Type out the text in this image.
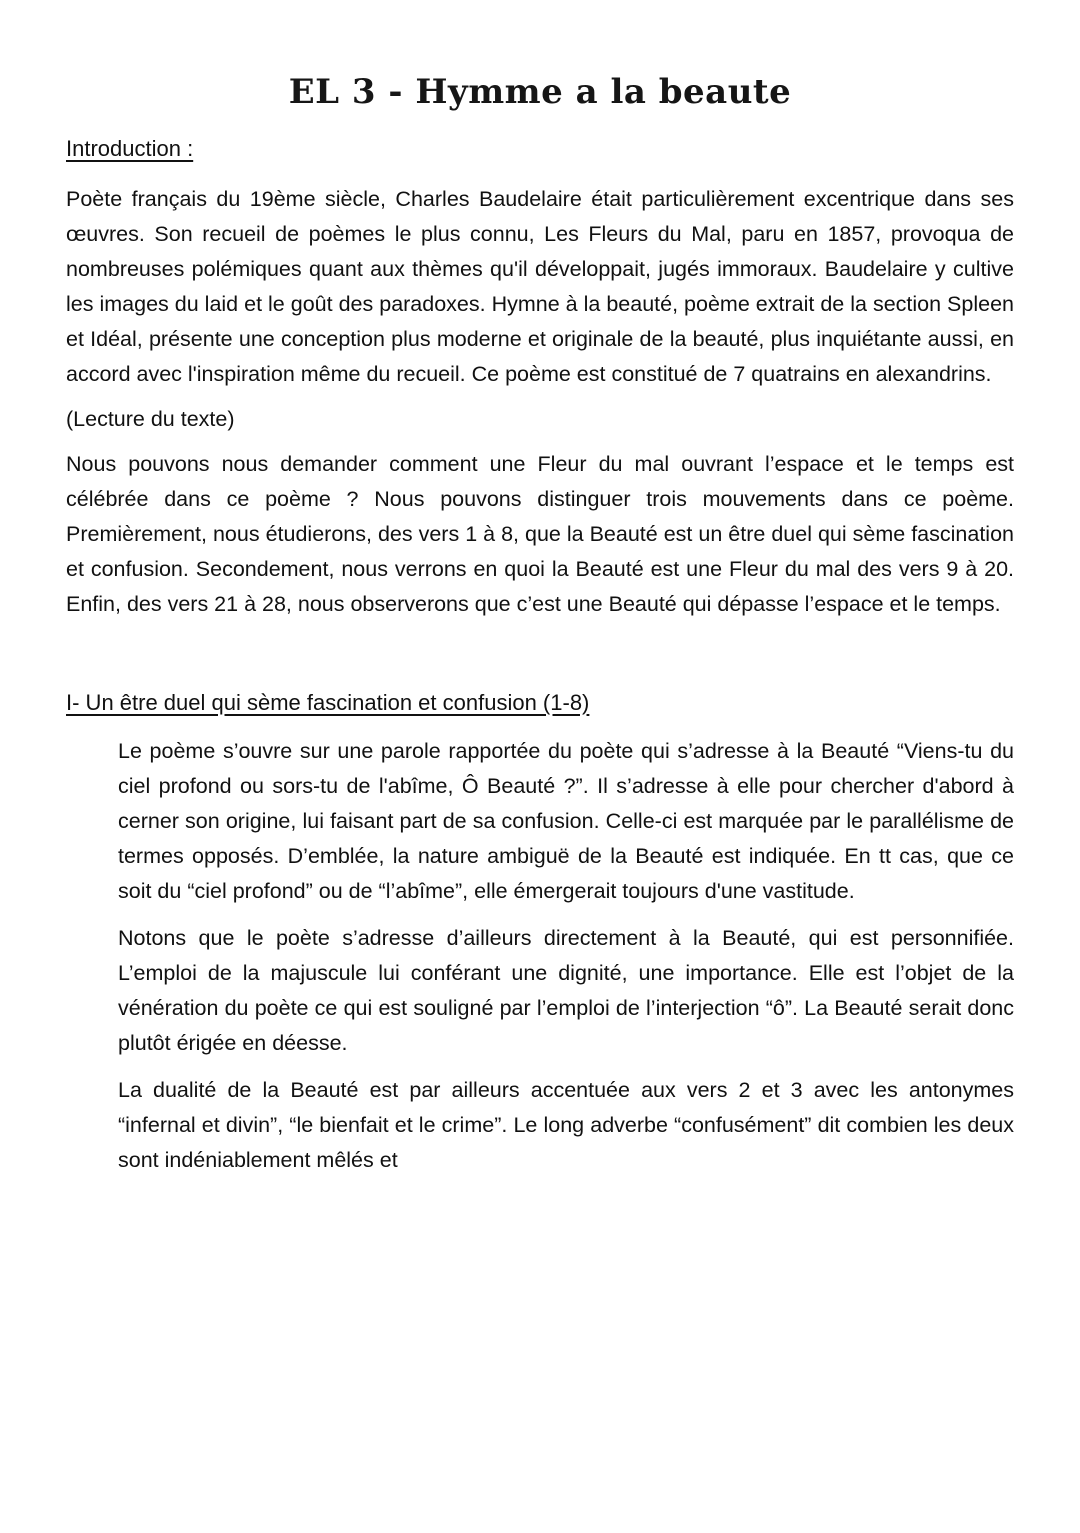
EL 3 - Hymme a la beaute
Introduction :

Poète français du 19ème siècle, Charles Baudelaire était particulièrement excentrique dans ses œuvres. Son recueil de poèmes le plus connu, Les Fleurs du Mal, paru en 1857, provoqua de nombreuses polémiques quant aux thèmes qu'il développait, jugés immoraux. Baudelaire y cultive les images du laid et le goût des paradoxes. Hymne à la beauté, poème extrait de la section Spleen et Idéal, présente une conception plus moderne et originale de la beauté, plus inquiétante aussi, en accord avec l'inspiration même du recueil. Ce poème est constitué de 7 quatrains en alexandrins.

(Lecture du texte)

Nous pouvons nous demander comment une Fleur du mal ouvrant l’espace et le temps est célébrée dans ce poème ? Nous pouvons distinguer trois mouvements dans ce poème. Premièrement, nous étudierons, des vers 1 à 8, que la Beauté est un être duel qui sème fascination et confusion. Secondement, nous verrons en quoi la Beauté est une Fleur du mal des vers 9 à 20. Enfin, des vers 21 à 28, nous observerons que c’est une Beauté qui dépasse l’espace et le temps.

I- Un être duel qui sème fascination et confusion (1-8)

Le poème s’ouvre sur une parole rapportée du poète qui s’adresse à la Beauté “Viens-tu du ciel profond ou sors-tu de l'abîme, Ô Beauté ?”. Il s’adresse à elle pour chercher d'abord à cerner son origine, lui faisant part de sa confusion. Celle-ci est marquée par le parallélisme de termes opposés. D’emblée, la nature ambiguë de la Beauté est indiquée. En tt cas, que ce soit du “ciel profond” ou de “l’abîme”, elle émergerait toujours d'une vastitude.

Notons que le poète s’adresse d’ailleurs directement à la Beauté, qui est personnifiée. L’emploi de la majuscule lui conférant une dignité, une importance. Elle est l’objet de la vénération du poète ce qui est souligné par l’emploi de l’interjection “ô”. La Beauté serait donc plutôt érigée en déesse.

La dualité de la Beauté est par ailleurs accentuée aux vers 2 et 3 avec les antonymes “infernal et divin”, “le bienfait et le crime”. Le long adverbe “confusément” dit combien les deux sont indéniablement mêlés et
